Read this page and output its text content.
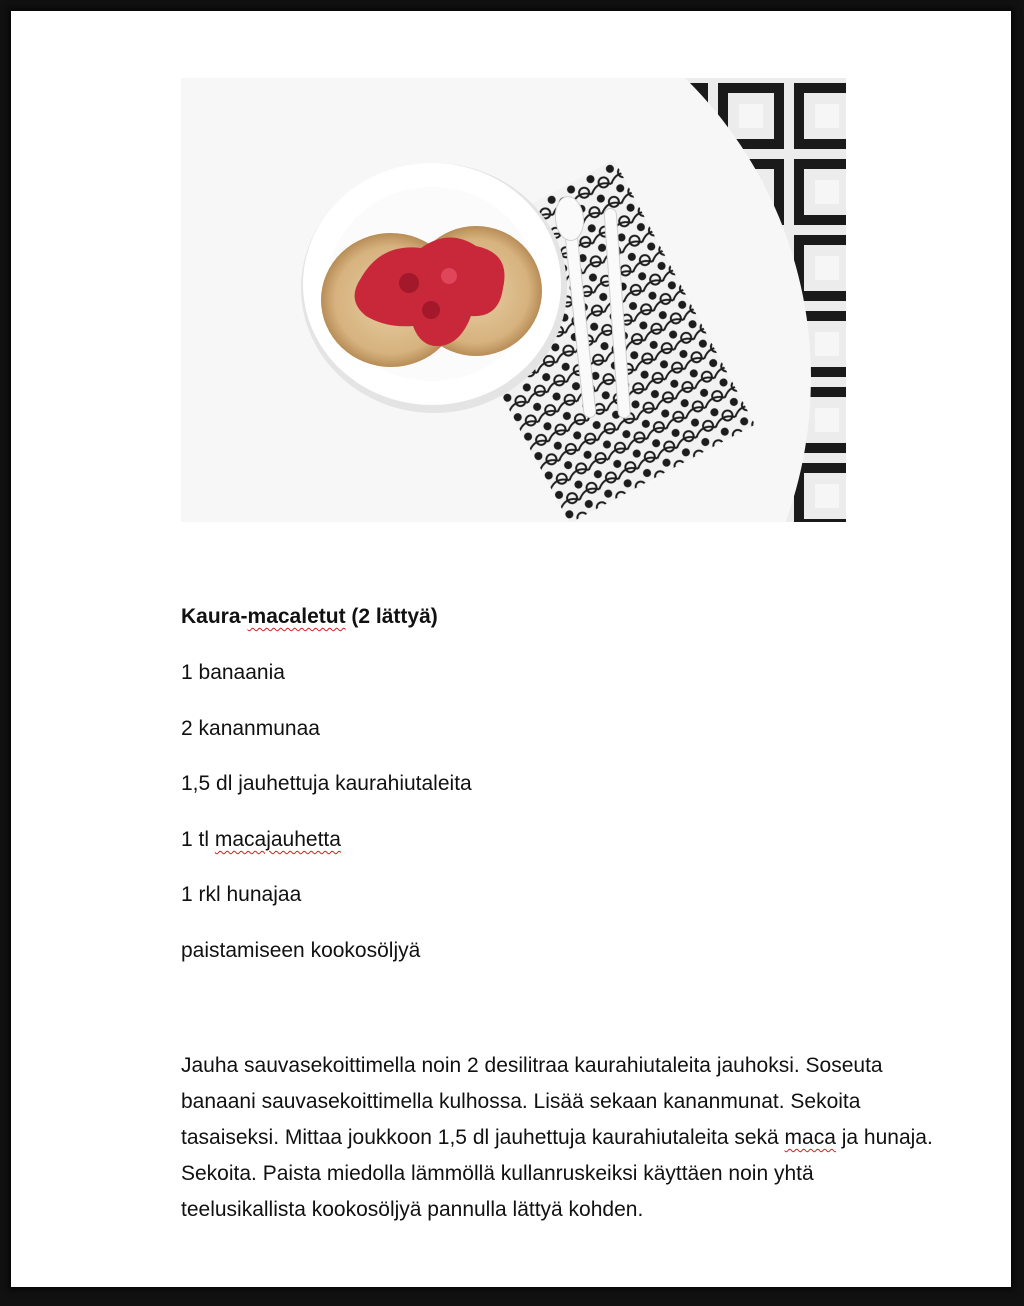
Kaura-macaletut (2 lättyä)
1 banaania
2 kananmunaa
1,5 dl jauhettuja kaurahiutaleita
1 tl macajauhetta
1 rkl hunajaa
paistamiseen kookosöljyä

Jauha sauvasekoittimella noin 2 desilitraa kaurahiutaleita jauhoksi. Soseuta banaani sauvasekoittimella kulhossa. Lisää sekaan kananmunat. Sekoita tasaiseksi. Mittaa joukkoon 1,5 dl jauhettuja kaurahiutaleita sekä maca ja hunaja. Sekoita. Paista miedolla lämmöllä kullanruskeiksi käyttäen noin yhtä teelusikallista kookosöljyä pannulla lättyä kohden.
